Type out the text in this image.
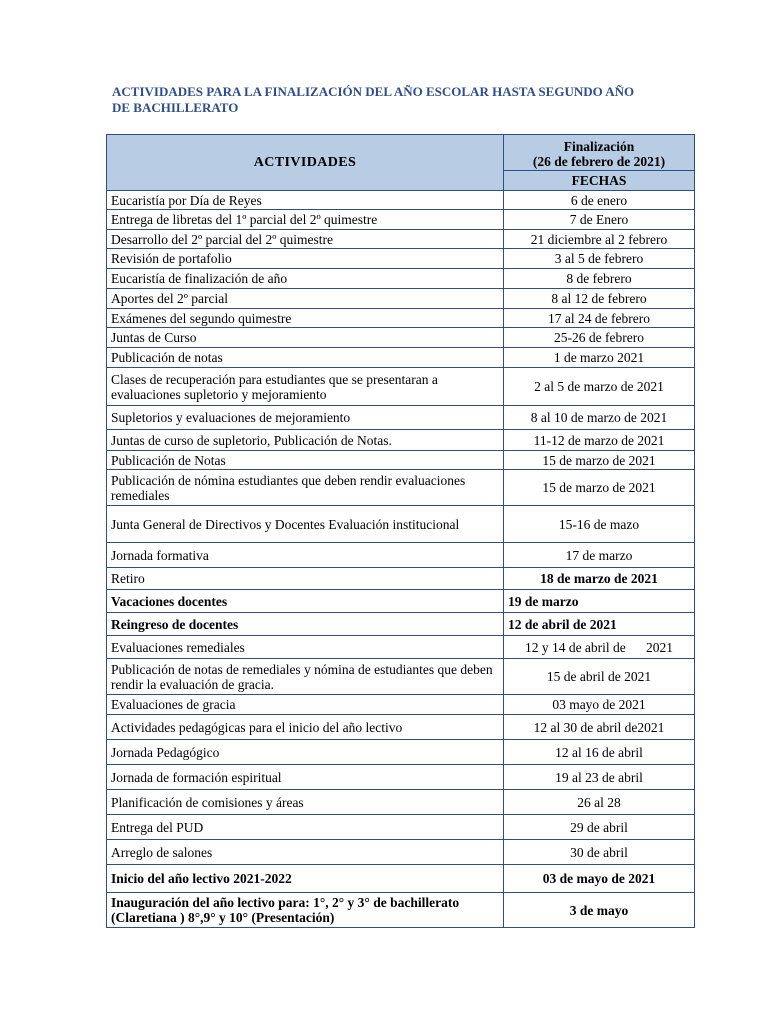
ACTIVIDADES PARA LA FINALIZACIÓN DEL AÑO ESCOLAR HASTA SEGUNDO AÑO DE BACHILLERATO
ACTIVIDADES	Finalización
(26 de febrero de 2021)

	FECHAS
Eucaristía por Día de Reyes	6 de enero
Entrega de libretas del 1º parcial del 2º quimestre	7 de Enero
Desarrollo del 2º parcial del 2º quimestre	21 diciembre al 2 febrero
Revisión de portafolio	3 al 5 de febrero
Eucaristía de finalización de año	8 de febrero
Aportes del 2º parcial	8 al 12 de febrero
Exámenes del segundo quimestre	17 al 24 de febrero
Juntas de Curso	25-26 de febrero
Publicación de notas	1 de marzo 2021
Clases de recuperación para estudiantes que se presentaran a evaluaciones supletorio y mejoramiento	2 al 5 de marzo de 2021
Supletorios y evaluaciones de mejoramiento	8 al 10 de marzo de 2021
Juntas de curso de supletorio, Publicación de Notas.	11-12 de marzo de 2021
Publicación de Notas	15 de marzo de 2021
Publicación de nómina estudiantes que deben rendir evaluaciones remediales	15 de marzo de 2021
Junta General de Directivos y Docentes Evaluación institucional	15-16 de mazo
Jornada formativa	17 de marzo
Retiro	18 de marzo de 2021
Vacaciones docentes	19 de marzo
Reingreso de docentes	12 de abril de 2021
Evaluaciones remediales	12 y 14 de abril de      2021
Publicación de notas de remediales y nómina de estudiantes que deben rendir la evaluación de gracia.	15 de abril de 2021
Evaluaciones de gracia	03 mayo de 2021
Actividades pedagógicas para el inicio del año lectivo	12 al 30 de abril de2021
Jornada Pedagógico	12 al 16 de abril
Jornada de formación espiritual	19 al 23 de abril
Planificación de comisiones y áreas	26 al 28
Entrega del PUD	29 de abril
Arreglo de salones	30 de abril
Inicio del año lectivo 2021-2022	03 de mayo de 2021
Inauguración del año lectivo para: 1°, 2° y 3° de bachillerato (Claretiana ) 8°,9° y 10° (Presentación)	3 de mayo
